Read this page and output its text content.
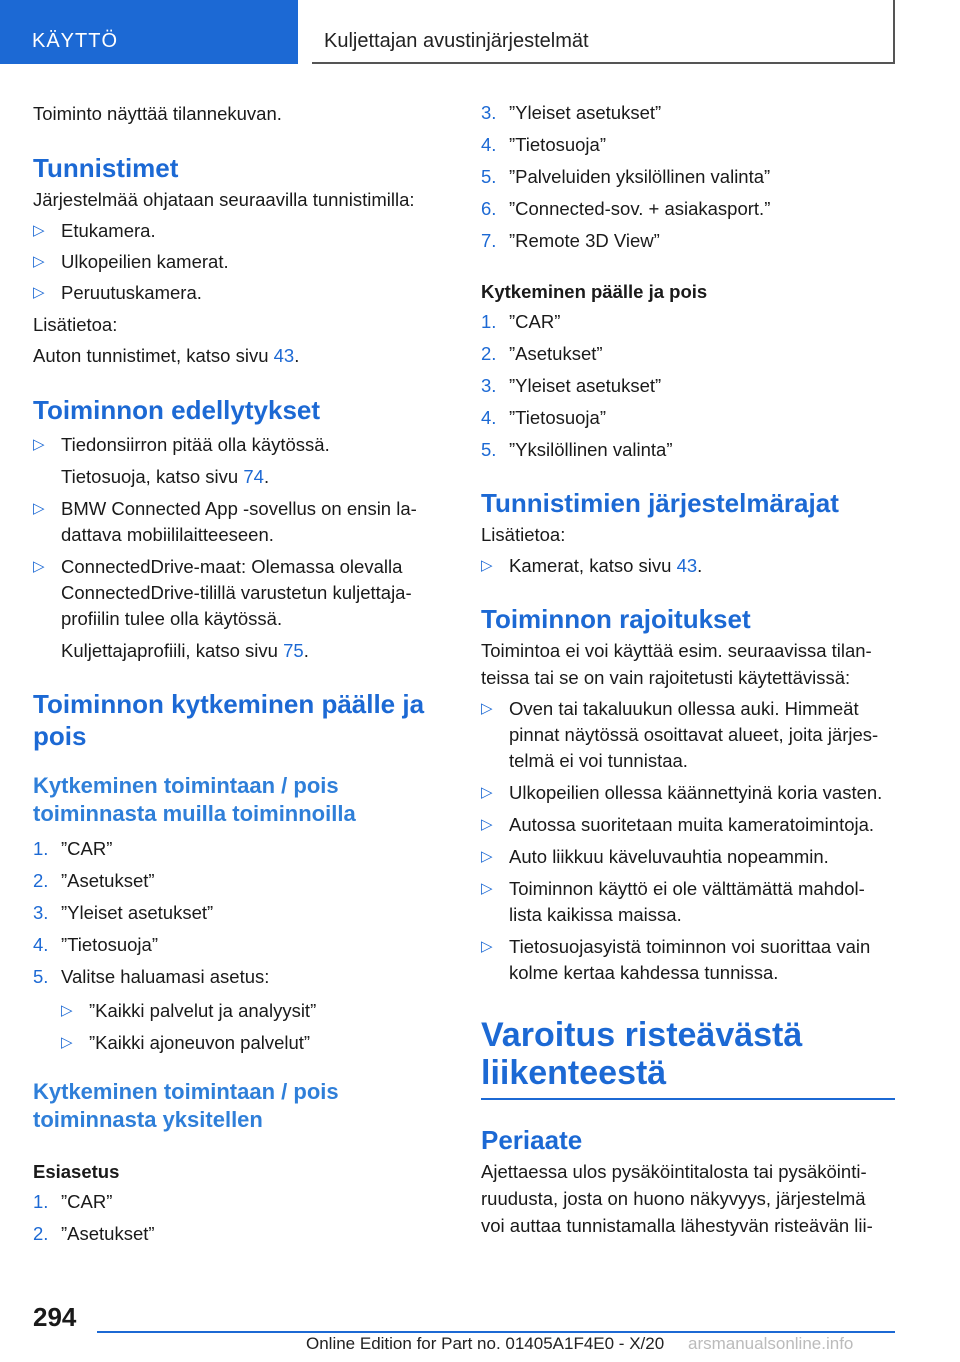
KÄYTTÖ	Kuljettajan avustinjärjestelmät

Toiminto näyttää tilannekuvan.

Tunnistimet

Järjestelmää ohjataan seuraavilla tunnistimilla:

▷ Etukamera.
▷ Ulkopeilien kamerat.
▷ Peruutuskamera.

Lisätietoa:

Auton tunnistimet, katso sivu 43.

Toiminnon edellytykset

▷ Tiedonsiirron pitää olla käytössä.

Tietosuoja, katso sivu 74.

▷ BMW Connected App -sovellus on ensin la-
dattava mobiililaitteeseen.
▷ ConnectedDrive-maat: Olemassa olevalla
ConnectedDrive-tilillä varustetun kuljettaja-
profiilin tulee olla käytössä.

Kuljettajaprofiili, katso sivu 75.

Toiminnon kytkeminen päälle ja
pois

Kytkeminen toimintaan / pois
toiminnasta muilla toiminnoilla

1. ”CAR”
2. ”Asetukset”
3. ”Yleiset asetukset”
4. ”Tietosuoja”
5. Valitse haluamasi asetus:
▷ ”Kaikki palvelut ja analyysit”
▷ ”Kaikki ajoneuvon palvelut”

Kytkeminen toimintaan / pois
toiminnasta yksitellen

Esiasetus

1. ”CAR”
2. ”Asetukset”
3. ”Yleiset asetukset”
4. ”Tietosuoja”
5. ”Palveluiden yksilöllinen valinta”
6. ”Connected-sov. + asiakasport.”
7. ”Remote 3D View”

Kytkeminen päälle ja pois

1. ”CAR”
2. ”Asetukset”
3. ”Yleiset asetukset”
4. ”Tietosuoja”
5. ”Yksilöllinen valinta”

Tunnistimien järjestelmärajat

Lisätietoa:

▷ Kamerat, katso sivu 43.

Toiminnon rajoitukset

Toimintoa ei voi käyttää esim. seuraavissa tilan-
teissa tai se on vain rajoitetusti käytettävissä:

▷ Oven tai takaluukun ollessa auki. Himmeät
pinnat näytössä osoittavat alueet, joita järjes-
telmä ei voi tunnistaa.
▷ Ulkopeilien ollessa käännettyinä koria vasten.
▷ Autossa suoritetaan muita kameratoimintoja.
▷ Auto liikkuu käveluvauhtia nopeammin.
▷ Toiminnon käyttö ei ole välttämättä mahdol-
lista kaikissa maissa.
▷ Tietosuojasyistä toiminnon voi suorittaa vain
kolme kertaa kahdessa tunnissa.

Varoitus risteävästä
liikenteestä

Periaate

Ajettaessa ulos pysäköintitalosta tai pysäköinti-
ruudusta, josta on huono näkyvyys, järjestelmä
voi auttaa tunnistamalla lähestyvän risteävän lii-

294
Online Edition for Part no. 01405A1F4E0 - X/20 arsmanualsonline.info
